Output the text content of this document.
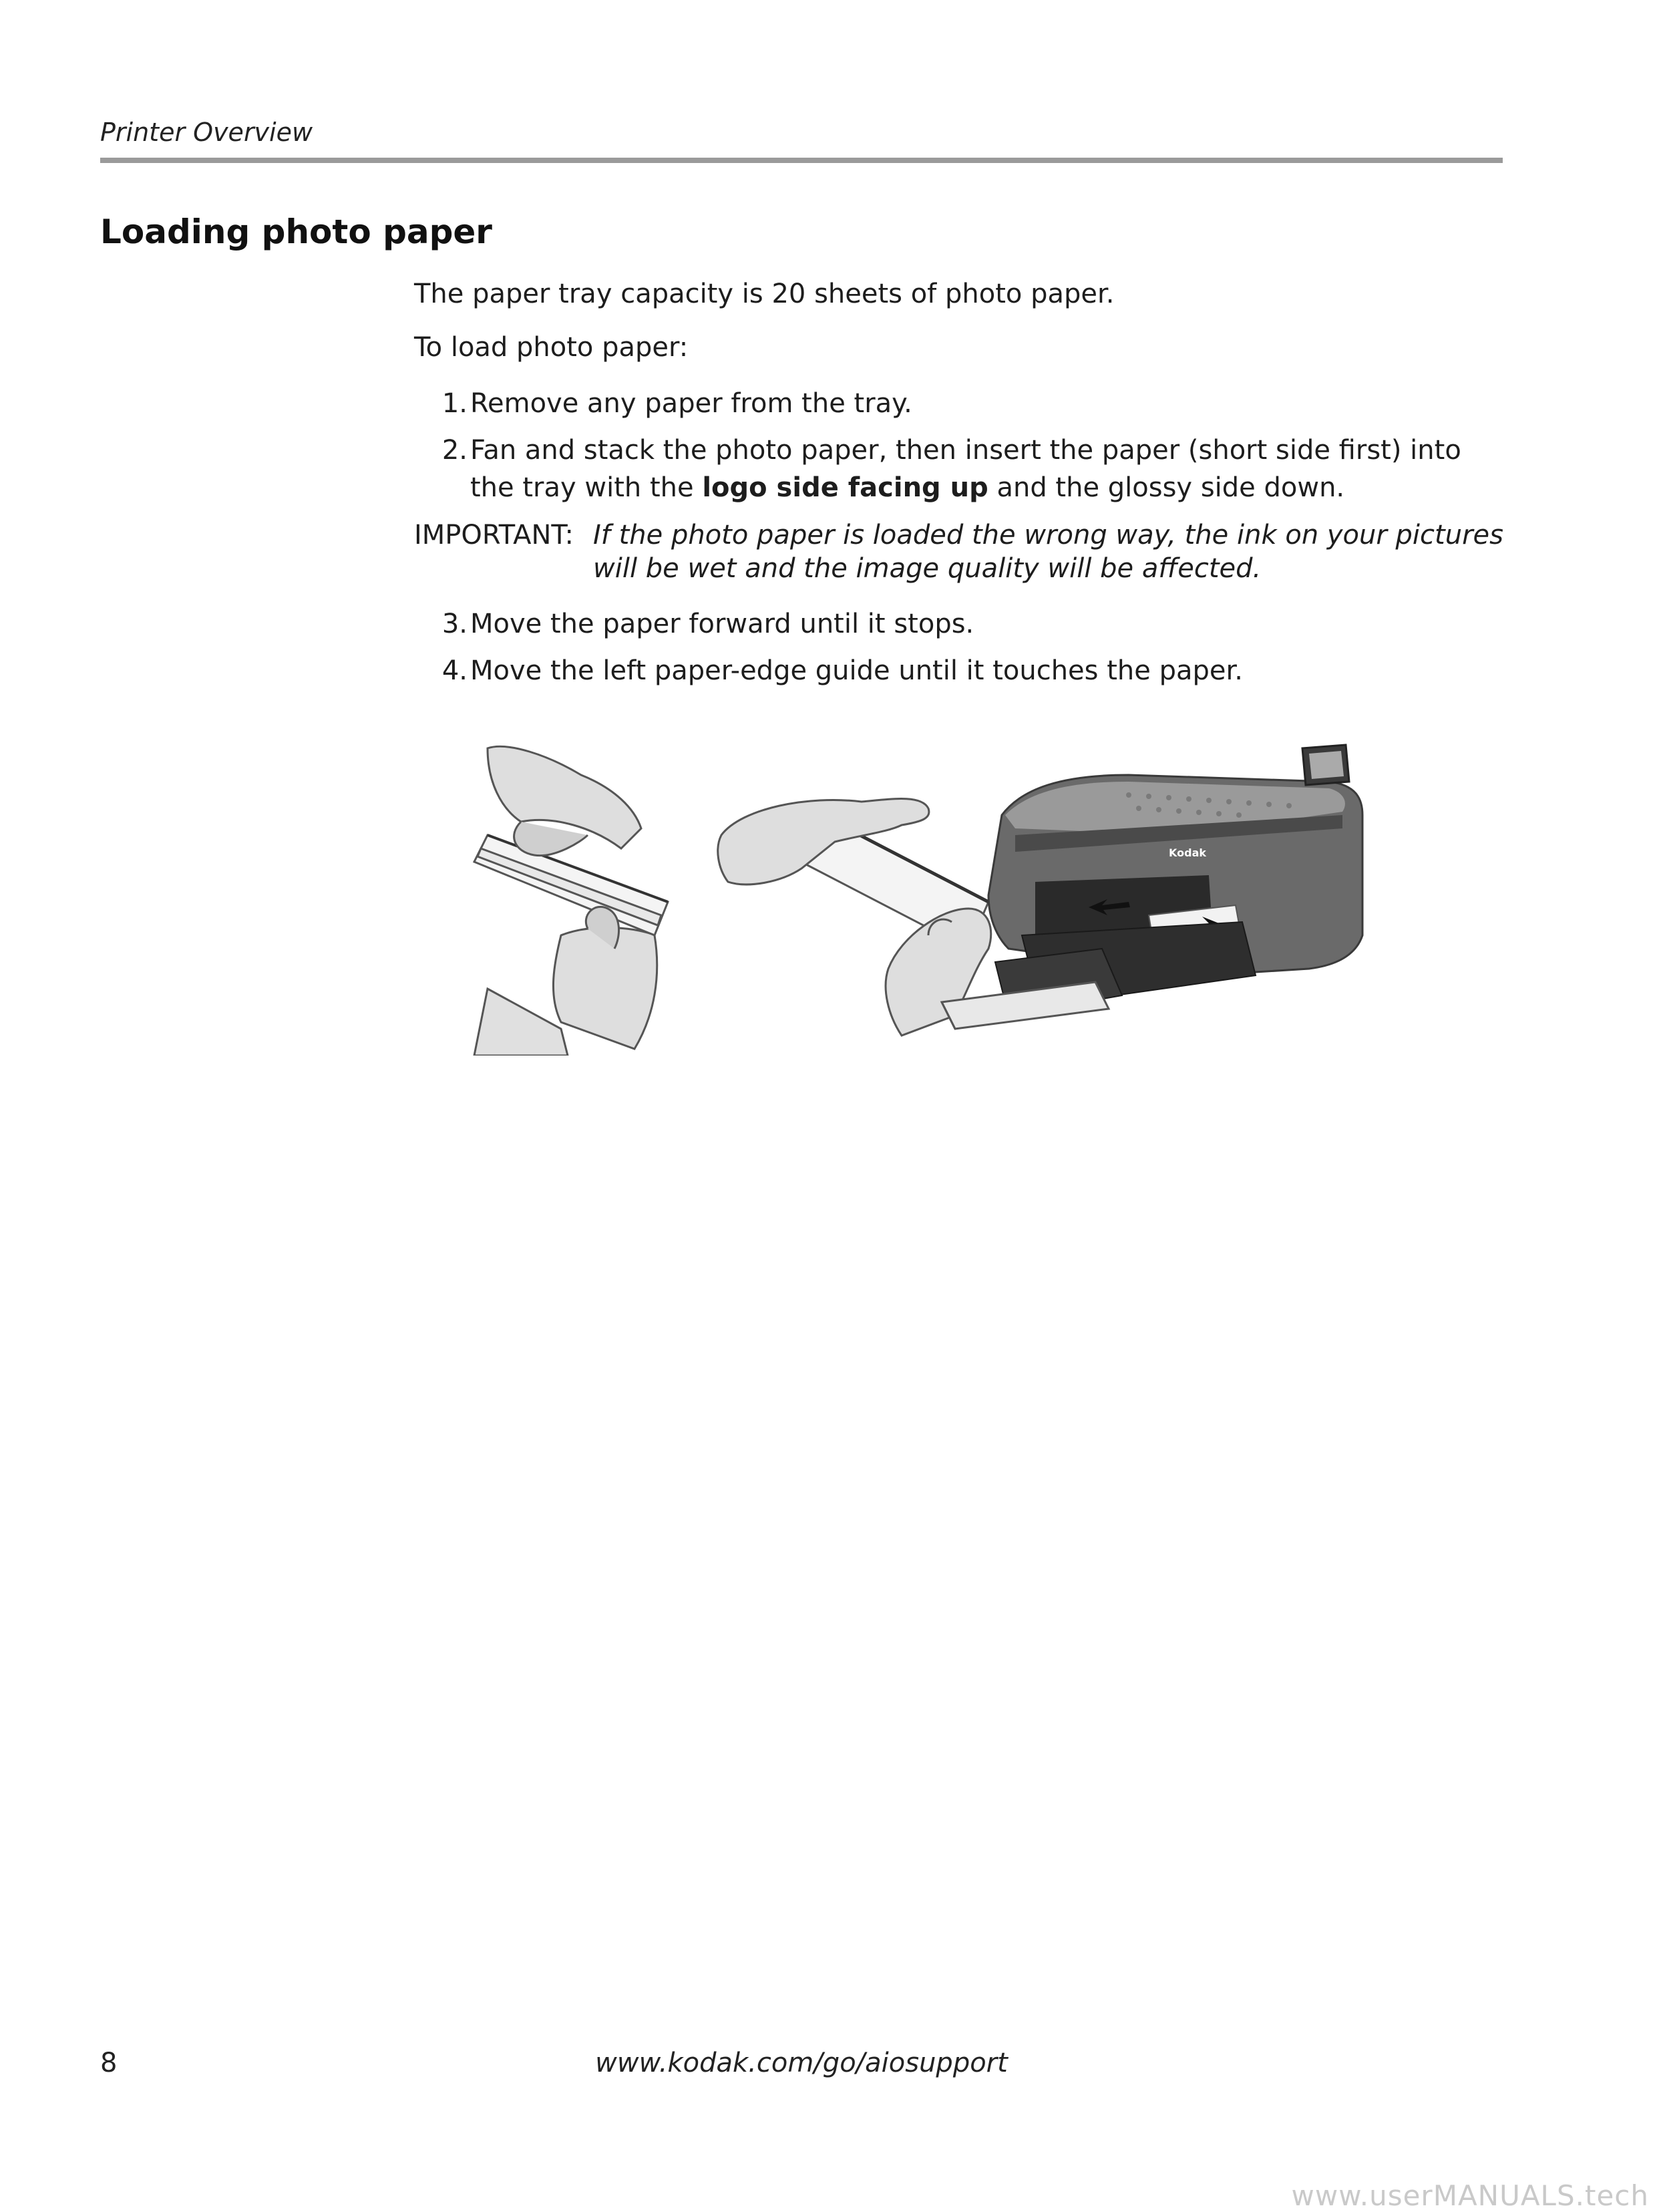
Printer Overview
Loading photo paper
The paper tray capacity is 20 sheets of photo paper.
To load photo paper:
1. Remove any paper from the tray.
2. Fan and stack the photo paper, then insert the paper (short side first) into the tray with the logo side facing up and the glossy side down.
IMPORTANT: If the photo paper is loaded the wrong way, the ink on your pictures will be wet and the image quality will be affected.
3. Move the paper forward until it stops.
4. Move the left paper-edge guide until it touches the paper.
Kodak
8	www.kodak.com/go/aiosupport
www.userMANUALS.tech
